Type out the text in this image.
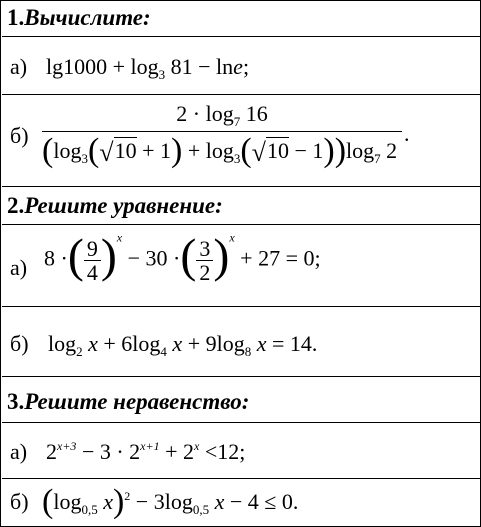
1.Вычислите:
а) $\lg 1000 + \log_3 81 - \ln e$;
$б) \frac{2 \cdot \log_7 16}{(\log_3(√10 + 1) + \log_3(√10 - 1))\log_7 2}$ .
2.Решите уравнение:
а) 8 ·( $\frac{9}{4} )^x - 30$ ·( $\frac{3}{2} )^x + 27 = 0$;
б) $\log_2 x + 6\log_4$ $x + 9\log_8$ x = 14.
3.Решите неравенство:
а) $2^{x+3} - 3 \cdot 2^{x+1} + 2^x <12$;
б) ($\log_{0,5}$ $x)^2 - 3\log_{0,5}$ x − 4 ≤ 0.
